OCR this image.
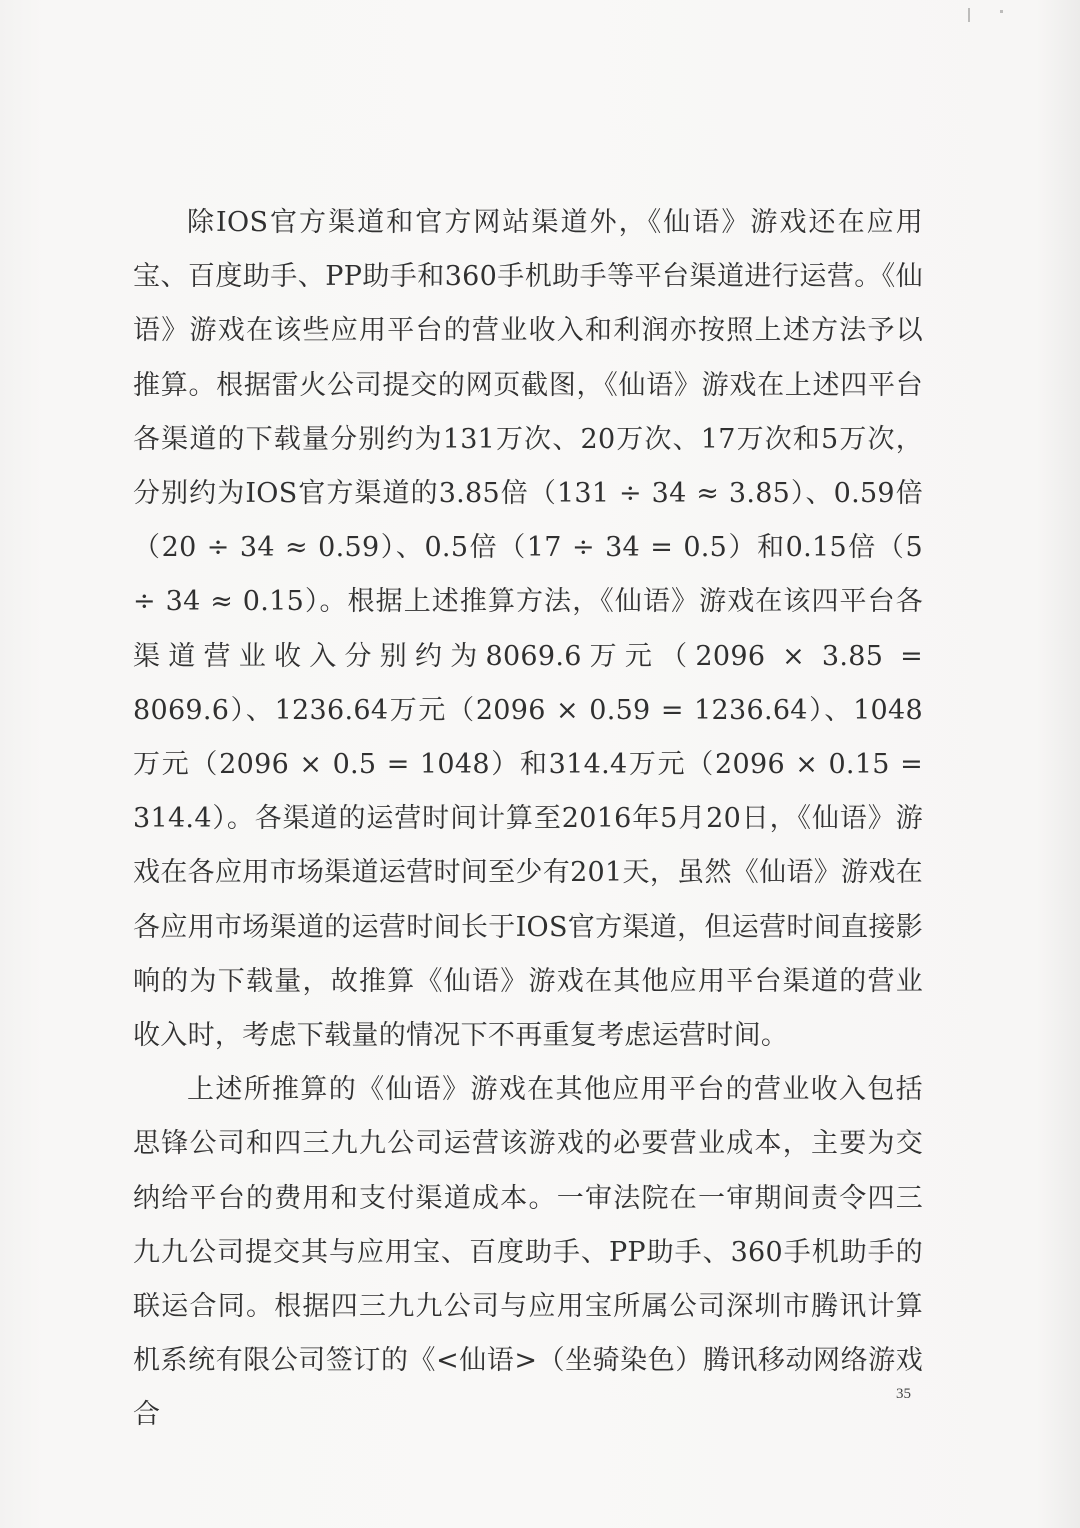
除IOS官方渠道和官方网站渠道外，《仙语》游戏还在应用宝、百度助手、PP助手和360手机助手等平台渠道进行运营。《仙语》游戏在该些应用平台的营业收入和利润亦按照上述方法予以推算。根据雷火公司提交的网页截图，《仙语》游戏在上述四平台各渠道的下载量分别约为131万次、20万次、17万次和5万次，分别约为IOS官方渠道的3.85倍（131 ÷ 34 ≈ 3.85）、0.59倍（20 ÷ 34 ≈ 0.59）、0.5倍（17 ÷ 34 = 0.5）和0.15倍（5 ÷ 34 ≈ 0.15）。根据上述推算方法，《仙语》游戏在该四平台各渠道营业收入分别约为8069.6万元（2096 × 3.85 = 8069.6）、1236.64万元（2096 × 0.59 = 1236.64）、1048万元（2096 × 0.5 = 1048）和314.4万元（2096 × 0.15 = 314.4）。各渠道的运营时间计算至2016年5月20日，《仙语》游戏在各应用市场渠道运营时间至少有201天，虽然《仙语》游戏在各应用市场渠道的运营时间长于IOS官方渠道，但运营时间直接影响的为下载量，故推算《仙语》游戏在其他应用平台渠道的营业收入时，考虑下载量的情况下不再重复考虑运营时间。

上述所推算的《仙语》游戏在其他应用平台的营业收入包括思锋公司和四三九九公司运营该游戏的必要营业成本，主要为交纳给平台的费用和支付渠道成本。一审法院在一审期间责令四三九九公司提交其与应用宝、百度助手、PP助手、360手机助手的联运合同。根据四三九九公司与应用宝所属公司深圳市腾讯计算机系统有限公司签订的《<仙语>（坐骑染色）腾讯移动网络游戏合

35
